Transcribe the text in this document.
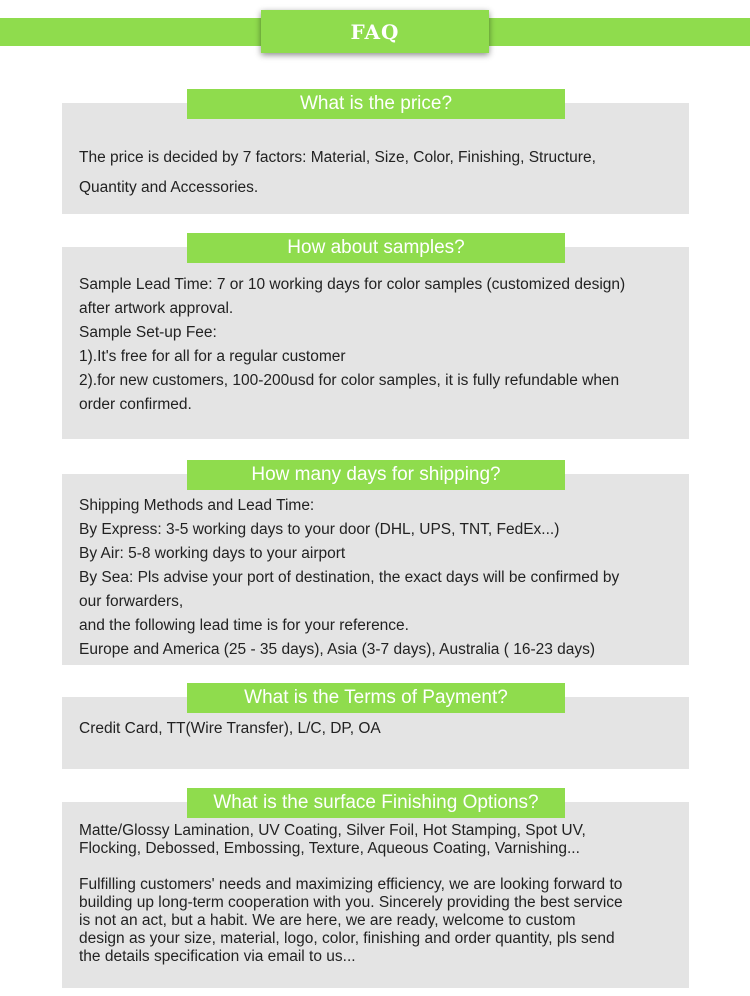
FAQ
What is the price?
The price is decided by 7 factors: Material, Size, Color, Finishing, Structure,
Quantity and Accessories.
How about samples?
Sample Lead Time: 7 or 10 working days for color samples (customized design)
after artwork approval.
Sample Set-up Fee:
1).It's free for all for a regular customer
2).for new customers, 100-200usd for color samples, it is fully refundable when
order confirmed.
How many days for shipping?
Shipping Methods and Lead Time:
By Express: 3-5 working days to your door (DHL, UPS, TNT, FedEx...)
By Air: 5-8 working days to your airport
By Sea: Pls advise your port of destination, the exact days will be confirmed by
our forwarders,
and the following lead time is for your reference.
Europe and America (25 - 35 days), Asia (3-7 days), Australia ( 16-23 days)
What is the Terms of Payment?
Credit Card, TT(Wire Transfer), L/C, DP, OA
What is the surface Finishing Options?
Matte/Glossy Lamination, UV Coating, Silver Foil, Hot Stamping, Spot UV,
Flocking, Debossed, Embossing, Texture, Aqueous Coating, Varnishing...
Fulfilling customers' needs and maximizing efficiency, we are looking forward to
building up long-term cooperation with you. Sincerely providing the best service
is not an act, but a habit. We are here, we are ready, welcome to custom
design as your size, material, logo, color, finishing and order quantity, pls send
the details specification via email to us...
